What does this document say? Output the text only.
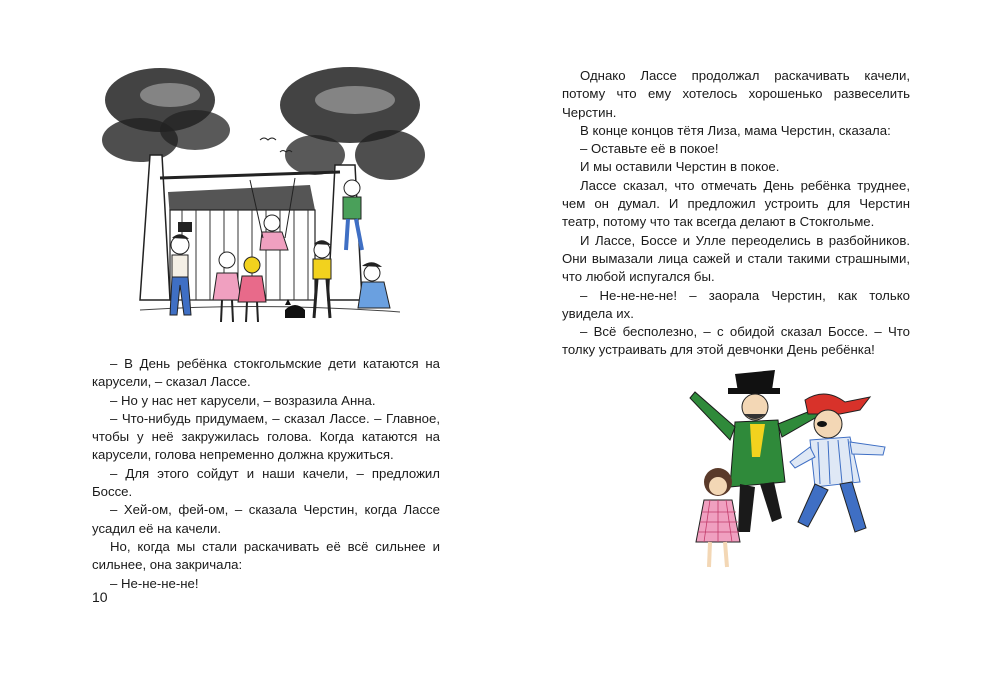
– В День ребёнка стокгольмские дети катаются на карусели, – сказал Лассе.

– Но у нас нет карусели, – возразила Анна.

– Что-нибудь придумаем, – сказал Лассе. – Главное, чтобы у неё закружилась голова. Когда катаются на карусели, голова непременно должна кружиться.

– Для этого сойдут и наши качели, – предложил Боссе.

– Хей-ом, фей-ом, – сказала Черстин, когда Лассе усадил её на качели.

Но, когда мы стали раскачивать её всё сильнее и сильнее, она закричала:

– Не-не-не-не!

10

Однако Лассе продолжал раскачивать качели, потому что ему хотелось хорошенько развеселить Черстин.

В конце концов тётя Лиза, мама Черстин, сказала:

– Оставьте её в покое!

И мы оставили Черстин в покое.

Лассе сказал, что отмечать День ребёнка труднее, чем он думал. И предложил устроить для Черстин театр, потому что так всегда делают в Стокгольме.

И Лассе, Боссе и Улле переоделись в разбойников. Они вымазали лица сажей и стали такими страшными, что любой испугался бы.

– Не-не-не-не! – заорала Черстин, как только увидела их.

– Всё бесполезно, – с обидой сказал Боссе. – Что толку устраивать для этой девчонки День ребёнка!
